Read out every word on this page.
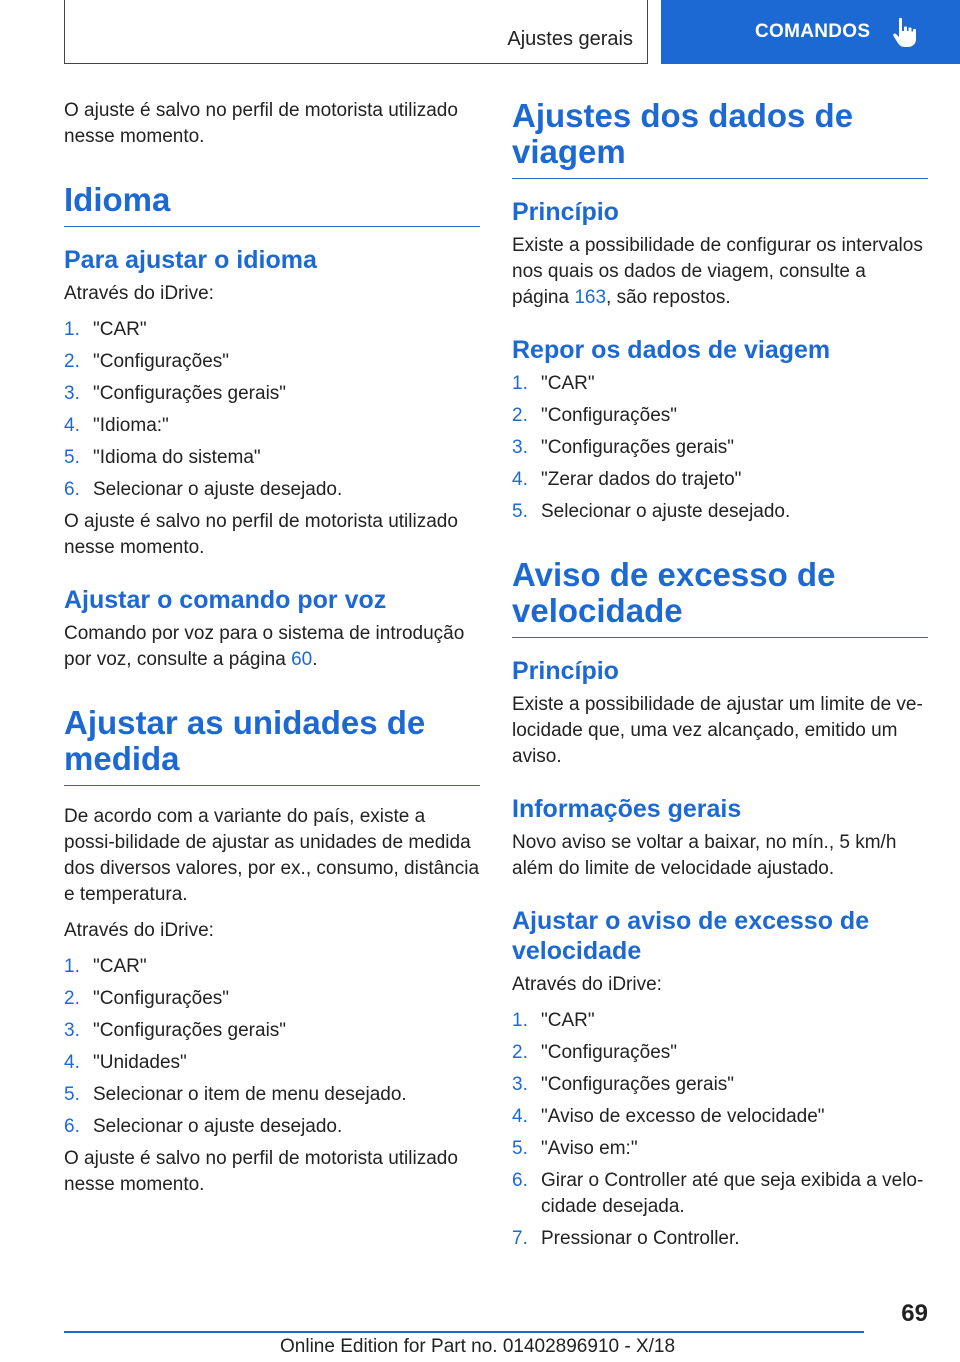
Ajustes gerais	COMANDOS

O ajuste é salvo no perfil de motorista utilizado nesse momento.

Idioma
Para ajustar o idioma

Através do iDrive:

1. "CAR"
2. "Configurações"
3. "Configurações gerais"
4. "Idioma:"
5. "Idioma do sistema"
6. Selecionar o ajuste desejado.

O ajuste é salvo no perfil de motorista utilizado nesse momento.

Ajustar o comando por voz

Comando por voz para o sistema de introdução por voz, consulte a página 60.

Ajustar as unidades de medida

De acordo com a variante do país, existe a possi-bilidade de ajustar as unidades de medida dos diversos valores, por ex., consumo, distância e temperatura.

Através do iDrive:

1. "CAR"
2. "Configurações"
3. "Configurações gerais"
4. "Unidades"
5. Selecionar o item de menu desejado.
6. Selecionar o ajuste desejado.

O ajuste é salvo no perfil de motorista utilizado nesse momento.

Ajustes dos dados de viagem
Princípio

Existe a possibilidade de configurar os intervalos nos quais os dados de viagem, consulte a página 163, são repostos.

Repor os dados de viagem
1. "CAR"
2. "Configurações"
3. "Configurações gerais"
4. "Zerar dados do trajeto"
5. Selecionar o ajuste desejado.
Aviso de excesso de velocidade
Princípio

Existe a possibilidade de ajustar um limite de ve-locidade que, uma vez alcançado, emitido um aviso.

Informações gerais

Novo aviso se voltar a baixar, no mín., 5 km/h além do limite de velocidade ajustado.

Ajustar o aviso de excesso de velocidade

Através do iDrive:

1. "CAR"
2. "Configurações"
3. "Configurações gerais"
4. "Aviso de excesso de velocidade"
5. "Aviso em:"
6. Girar o Controller até que seja exibida a velo-cidade desejada.
7. Pressionar o Controller.
69
Online Edition for Part no. 01402896910 - X/18
